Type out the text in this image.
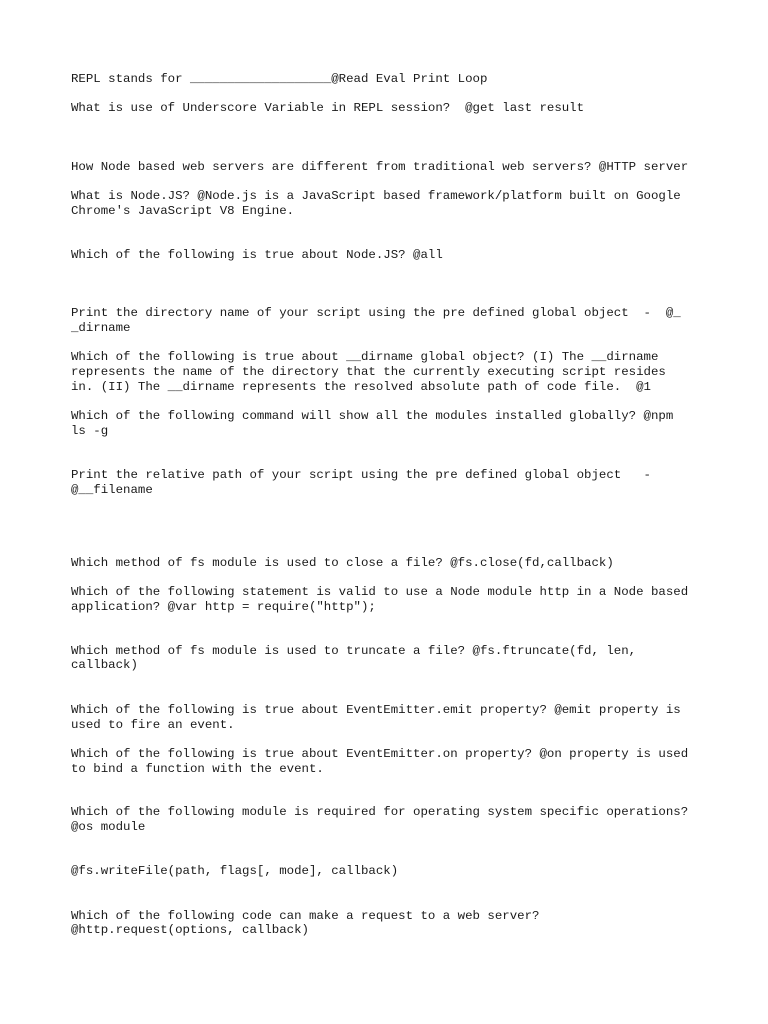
REPL stands for ___________________@Read Eval Print Loop

What is use of Underscore Variable in REPL session?  @get last result

How Node based web servers are different from traditional web servers? @HTTP server

What is Node.JS? @Node.js is a JavaScript based framework/platform built on Google

Chrome's JavaScript V8 Engine.

Which of the following is true about Node.JS? @all

Print the directory name of your script using the pre defined global object  -  @_

_dirname

Which of the following is true about __dirname global object? (I) The __dirname

represents the name of the directory that the currently executing script resides

in. (II) The __dirname represents the resolved absolute path of code file.  @1

Which of the following command will show all the modules installed globally? @npm

ls -g

Print the relative path of your script using the pre defined global object   -

@__filename

Which method of fs module is used to close a file? @fs.close(fd,callback)

Which of the following statement is valid to use a Node module http in a Node based

application? @var http = require("http");

Which method of fs module is used to truncate a file? @fs.ftruncate(fd, len,

callback)

Which of the following is true about EventEmitter.emit property? @emit property is

used to fire an event.

Which of the following is true about EventEmitter.on property? @on property is used

to bind a function with the event.

Which of the following module is required for operating system specific operations?

@os module

@fs.writeFile(path, flags[, mode], callback)

Which of the following code can make a request to a web server?

@http.request(options, callback)
